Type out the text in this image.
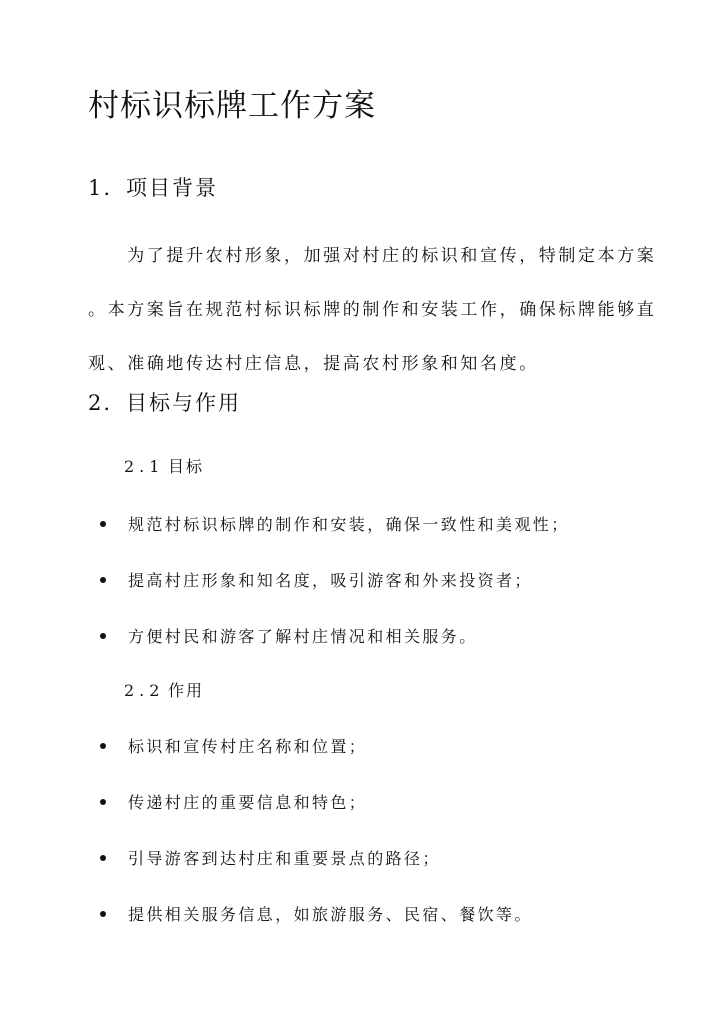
村标识标牌工作方案
1. 项目背景
　　为了提升农村形象，加强对村庄的标识和宣传，特制定本方案
。本方案旨在规范村标识标牌的制作和安装工作，确保标牌能够直
观、准确地传达村庄信息，提高农村形象和知名度。
2. 目标与作用
2.1 目标
规范村标识标牌的制作和安装，确保一致性和美观性；
提高村庄形象和知名度，吸引游客和外来投资者；
方便村民和游客了解村庄情况和相关服务。
2.2 作用
标识和宣传村庄名称和位置；
传递村庄的重要信息和特色；
引导游客到达村庄和重要景点的路径；
提供相关服务信息，如旅游服务、民宿、餐饮等。
